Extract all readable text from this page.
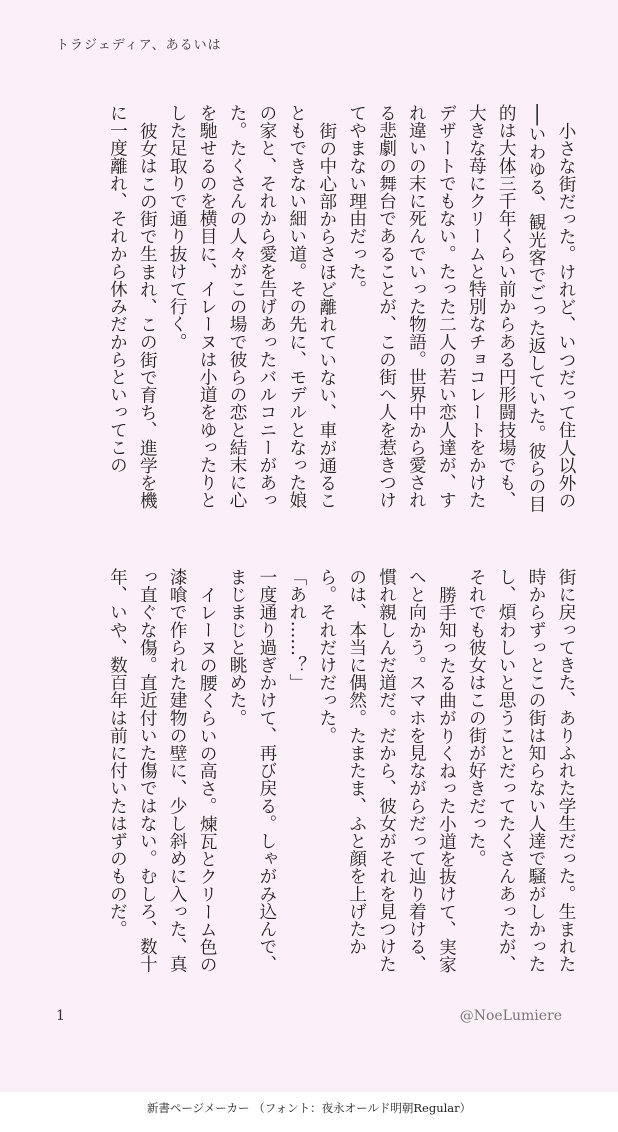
トラジェディア、あるいは

小さな街だった。けれど、いつだって住人以外の──いわゆる、観光客でごった返していた。彼らの目的は大体三千年くらい前からある円形闘技場でも、大きな苺にクリームと特別なチョコレートをかけたデザートでもない。たった二人の若い恋人達が、すれ違いの末に死んでいった物語。世界中から愛される悲劇の舞台であることが、この街へ人を惹きつけてやまない理由だった。

街の中心部からさほど離れていない、車が通ることもできない細い道。その先に、モデルとなった娘の家と、それから愛を告げあったバルコニーがあった。たくさんの人々がこの場で彼らの恋と結末に心を馳せるのを横目に、イレーヌは小道をゆったりとした足取りで通り抜けて行く。

彼女はこの街で生まれ、この街で育ち、進学を機に一度離れ、それから休みだからといってこの

街に戻ってきた、ありふれた学生だった。生まれた時からずっとこの街は知らない人達で騒がしかったし、煩わしいと思うことだってたくさんあったが、それでも彼女はこの街が好きだった。

勝手知ったる曲がりくねった小道を抜けて、実家へと向かう。スマホを見ながらだって辿り着ける、慣れ親しんだ道だ。だから、彼女がそれを見つけたのは、本当に偶然。たまたま、ふと顔を上げたから。それだけだった。

「あれ……？」

一度通り過ぎかけて、再び戻る。しゃがみ込んで、まじまじと眺めた。

イレーヌの腰くらいの高さ。煉瓦とクリーム色の漆喰で作られた建物の壁に、少し斜めに入った、真っ直ぐな傷。直近付いた傷ではない。むしろ、数十年、いや、数百年は前に付いたはずのものだ。

1	@NoeLumiere
新書ページメーカー （フォント：夜永オールド明朝Regular）
